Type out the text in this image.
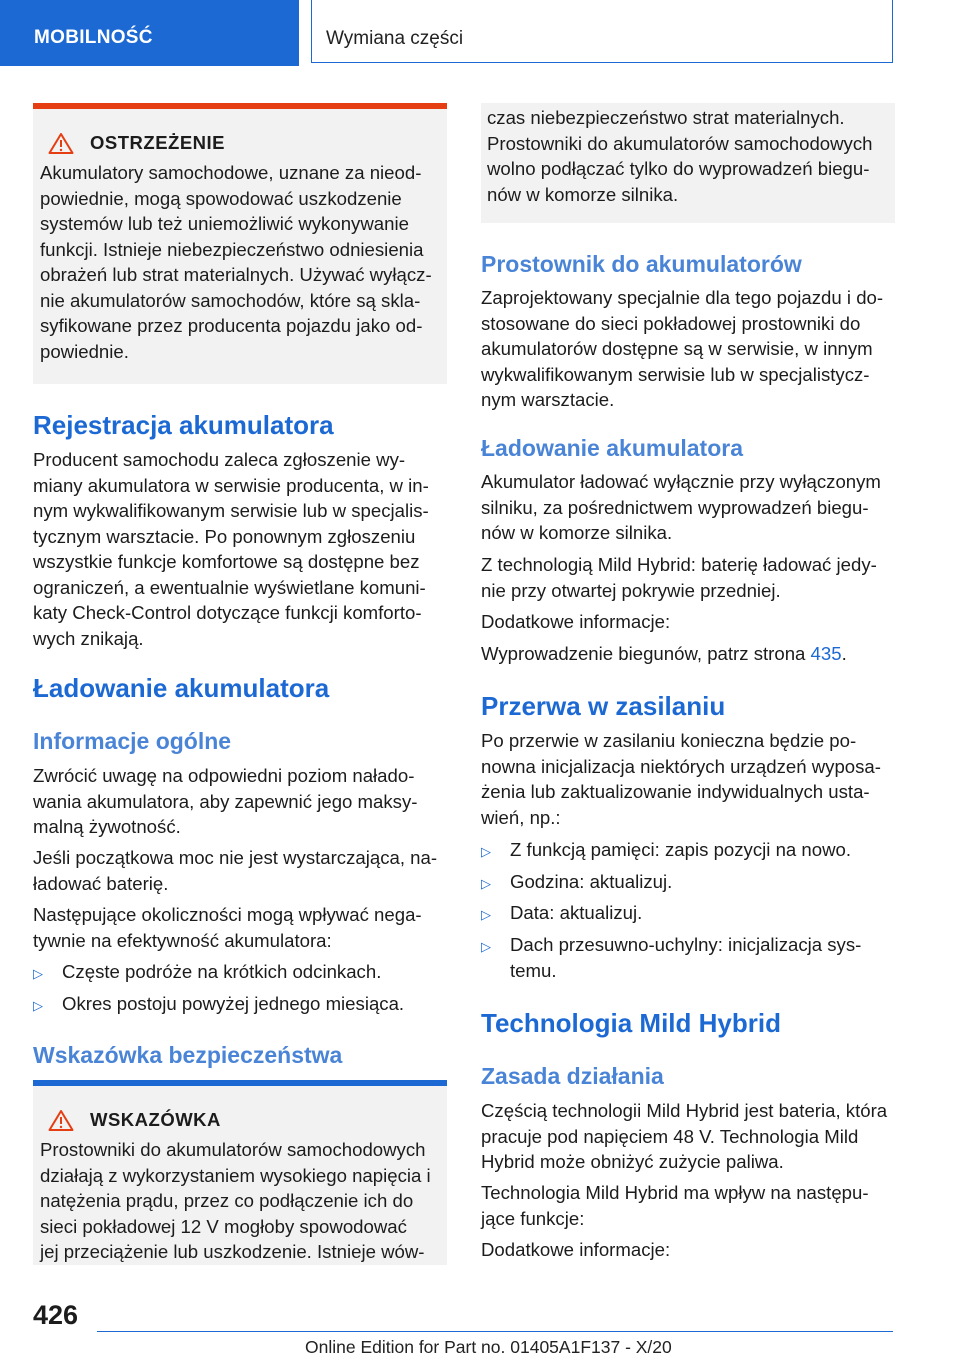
MOBILNOŚĆ	Wymiana części
OSTRZEŻENIE

Akumulatory samochodowe, uznane za nieod-
powiednie, mogą spowodować uszkodzenie
systemów lub też uniemożliwić wykonywanie
funkcji. Istnieje niebezpieczeństwo odniesienia
obrażeń lub strat materialnych. Używać wyłącz-
nie akumulatorów samochodów, które są skla-
syfikowane przez producenta pojazdu jako od-
powiednie.

Rejestracja akumulatora

Producent samochodu zaleca zgłoszenie wy-
miany akumulatora w serwisie producenta, w in-
nym wykwalifikowanym serwisie lub w specjalis-
tycznym warsztacie. Po ponownym zgłoszeniu
wszystkie funkcje komfortowe są dostępne bez
ograniczeń, a ewentualnie wyświetlane komuni-
katy Check-Control dotyczące funkcji komforto-
wych znikają.

Ładowanie akumulatora
Informacje ogólne

Zwrócić uwagę na odpowiedni poziom nałado-
wania akumulatora, aby zapewnić jego maksy-
malną żywotność.

Jeśli początkowa moc nie jest wystarczająca, na-
ładować baterię.

Następujące okoliczności mogą wpływać nega-
tywnie na efektywność akumulatora:

▷	Częste podróże na krótkich odcinkach.
▷	Okres postoju powyżej jednego miesiąca.
Wskazówka bezpieczeństwa
WSKAZÓWKA

Prostowniki do akumulatorów samochodowych
działają z wykorzystaniem wysokiego napięcia i
natężenia prądu, przez co podłączenie ich do
sieci pokładowej 12 V mogłoby spowodować
jej przeciążenie lub uszkodzenie. Istnieje wów-

czas niebezpieczeństwo strat materialnych.
Prostowniki do akumulatorów samochodowych
wolno podłączać tylko do wyprowadzeń biegu-
nów w komorze silnika.

Prostownik do akumulatorów

Zaprojektowany specjalnie dla tego pojazdu i do-
stosowane do sieci pokładowej prostowniki do
akumulatorów dostępne są w serwisie, w innym
wykwalifikowanym serwisie lub w specjalistycz-
nym warsztacie.

Ładowanie akumulatora

Akumulator ładować wyłącznie przy wyłączonym
silniku, za pośrednictwem wyprowadzeń biegu-
nów w komorze silnika.

Z technologią Mild Hybrid: baterię ładować jedy-
nie przy otwartej pokrywie przedniej.

Dodatkowe informacje:

Wyprowadzenie biegunów, patrz strona 435.

Przerwa w zasilaniu

Po przerwie w zasilaniu konieczna będzie po-
nowna inicjalizacja niektórych urządzeń wyposa-
żenia lub zaktualizowanie indywidualnych usta-
wień, np.:

▷	Z funkcją pamięci: zapis pozycji na nowo.
▷	Godzina: aktualizuj.
▷	Data: aktualizuj.
▷	Dach przesuwno-uchylny: inicjalizacja sys-
temu.
Technologia Mild Hybrid
Zasada działania

Częścią technologii Mild Hybrid jest bateria, która
pracuje pod napięciem 48 V. Technologia Mild
Hybrid może obniżyć zużycie paliwa.

Technologia Mild Hybrid ma wpływ na następu-
jące funkcje:

Dodatkowe informacje:

426
Online Edition for Part no. 01405A1F137 - X/20
